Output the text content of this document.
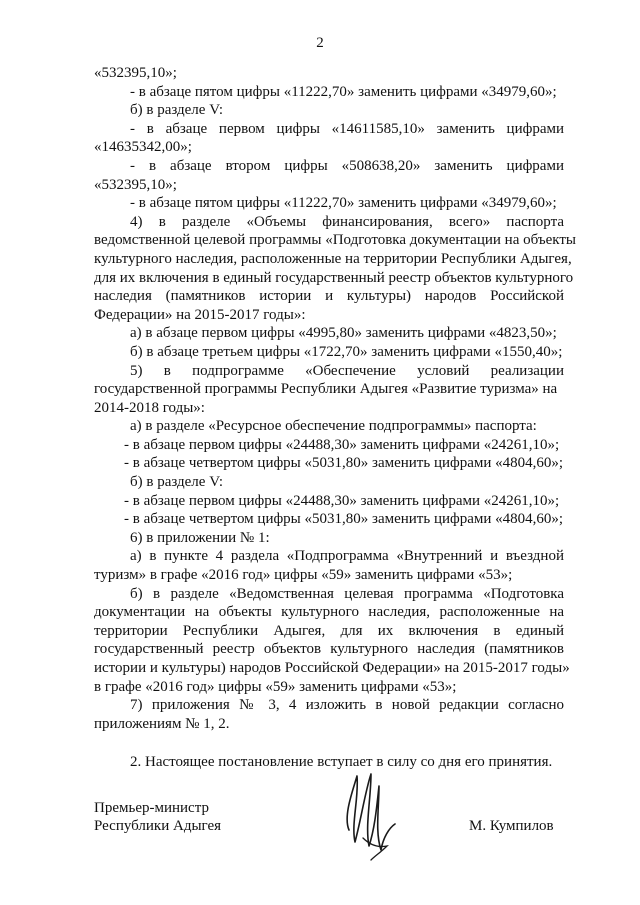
2
«532395,10»;
- в абзаце пятом цифры «11222,70» заменить цифрами «34979,60»;
б) в разделе V:
- в абзаце первом цифры «14611585,10» заменить цифрами
«14635342,00»;
- в абзаце втором цифры «508638,20» заменить цифрами
«532395,10»;
- в абзаце пятом цифры «11222,70» заменить цифрами «34979,60»;
4) в разделе «Объемы финансирования, всего» паспорта
ведомственной целевой программы «Подготовка документации на объекты
культурного наследия, расположенные на территории Республики Адыгея,
для их включения в единый государственный реестр объектов культурного
наследия (памятников истории и культуры) народов Российской
Федерации» на 2015-2017 годы»:
а) в абзаце первом цифры «4995,80» заменить цифрами «4823,50»;
б) в абзаце третьем цифры «1722,70» заменить цифрами «1550,40»;
5) в подпрограмме «Обеспечение условий реализации
государственной программы Республики Адыгея «Развитие туризма» на
2014-2018 годы»:
а) в разделе «Ресурсное обеспечение подпрограммы» паспорта:
- в абзаце первом цифры «24488,30» заменить цифрами «24261,10»;
- в абзаце четвертом цифры «5031,80» заменить цифрами «4804,60»;
б) в разделе V:
- в абзаце первом цифры «24488,30» заменить цифрами «24261,10»;
- в абзаце четвертом цифры «5031,80» заменить цифрами «4804,60»;
6) в приложении № 1:
а) в пункте 4 раздела «Подпрограмма «Внутренний и въездной
туризм» в графе «2016 год» цифры «59» заменить цифрами «53»;
б) в разделе «Ведомственная целевая программа «Подготовка
документации на объекты культурного наследия, расположенные на
территории Республики Адыгея, для их включения в единый
государственный реестр объектов культурного наследия (памятников
истории и культуры) народов Российской Федерации» на 2015-2017 годы»
в графе «2016 год» цифры «59» заменить цифрами «53»;
7) приложения № 3, 4 изложить в новой редакции согласно
приложениям № 1, 2.
2. Настоящее постановление вступает в силу со дня его принятия.
Премьер-министр
Республики Адыгея	М. Кумпилов
